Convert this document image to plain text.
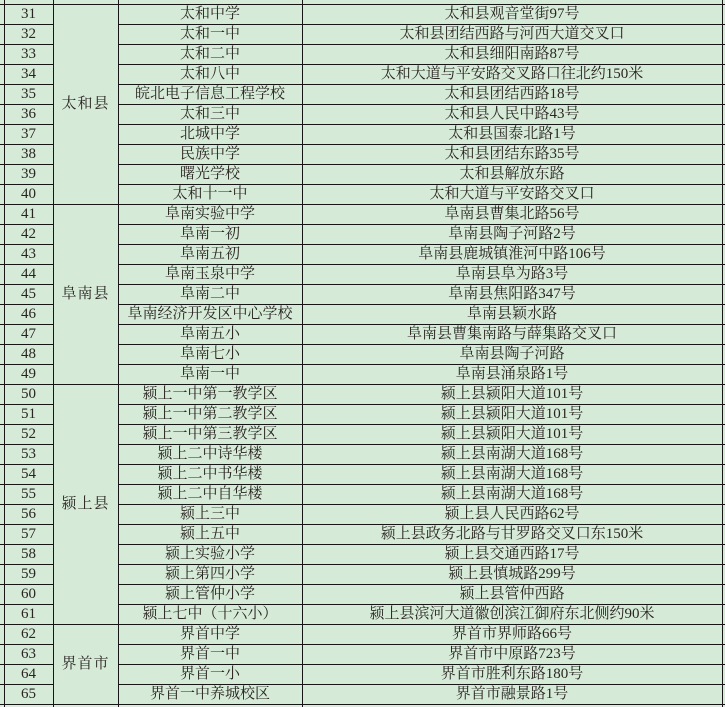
	31	太和县	太和中学	太和县观音堂街97号	
	32		太和一中	太和县团结西路与河西大道交叉口	
	33		太和二中	太和县细阳南路87号	
	34		太和八中	太和大道与平安路交叉路口往北约150米	
	35		皖北电子信息工程学校	太和县团结西路18号	
	36		太和三中	太和县人民中路43号	
	37		北城中学	太和县国泰北路1号	
	38		民族中学	太和县团结东路35号	
	39		曙光学校	太和县解放东路	
	40		太和十一中	太和大道与平安路交叉口	
	41	阜南县	阜南实验中学	阜南县曹集北路56号	
	42		阜南一初	阜南县陶子河路2号	
	43		阜南五初	阜南县鹿城镇淮河中路106号	
	44		阜南玉泉中学	阜南县阜为路3号	
	45		阜南二中	阜南县焦阳路347号	
	46		阜南经济开发区中心学校	阜南县颖水路	
	47		阜南五小	阜南县曹集南路与薛集路交叉口	
	48		阜南七小	阜南县陶子河路	
	49		阜南一中	阜南县涌泉路1号	
	50	颍上县	颍上一中第一教学区	颍上县颍阳大道101号	
	51		颍上一中第二教学区	颍上县颍阳大道101号	
	52		颍上一中第三教学区	颍上县颍阳大道101号	
	53		颍上二中诗华楼	颍上县南湖大道168号	
	54		颍上二中书华楼	颍上县南湖大道168号	
	55		颍上二中自华楼	颍上县南湖大道168号	
	56		颍上三中	颍上县人民西路62号	
	57		颍上五中	颍上县政务北路与甘罗路交叉口东150米	
	58		颍上实验小学	颍上县交通西路17号	
	59		颍上第四小学	颍上县慎城路299号	
	60		颍上管仲小学	颍上县管仲西路	
	61		颍上七中（十六小）	颍上县滨河大道徽创滨江御府东北侧约90米	
	62	界首市	界首中学	界首市界师路66号	
	63		界首一中	界首市中原路723号	
	64		界首一小	界首市胜利东路180号	
	65		界首一中养城校区	界首市融景路1号	
